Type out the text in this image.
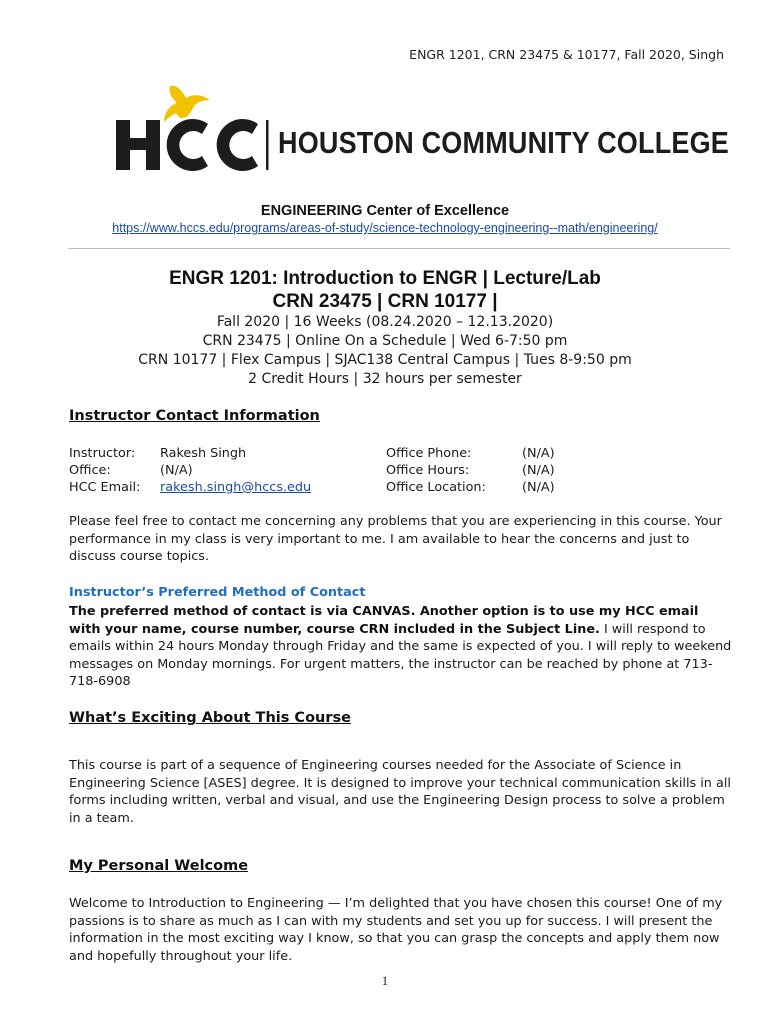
ENGR 1201, CRN 23475 & 10177, Fall 2020, Singh
HOUSTON COMMUNITY COLLEGE
ENGINEERING Center of Excellence
https://www.hccs.edu/programs/areas-of-study/science-technology-engineering--math/engineering/
ENGR 1201: Introduction to ENGR | Lecture/Lab
CRN 23475 | CRN 10177 |
Fall 2020 | 16 Weeks (08.24.2020 – 12.13.2020)
CRN 23475 | Online On a Schedule | Wed 6-7:50 pm
CRN 10177 | Flex Campus | SJAC138 Central Campus | Tues 8-9:50 pm
2 Credit Hours | 32 hours per semester
Instructor Contact Information
Instructor:
Office:
HCC Email:
Rakesh Singh
(N/A)
rakesh.singh@hccs.edu
Office Phone:
Office Hours:
Office Location:
(N/A)
(N/A)
(N/A)
Please feel free to contact me concerning any problems that you are experiencing in this course. Your performance in my class is very important to me. I am available to hear the concerns and just to discuss course topics.
Instructor’s Preferred Method of Contact
The preferred method of contact is via CANVAS. Another option is to use my HCC email with your name, course number, course CRN included in the Subject Line. I will respond to emails within 24 hours Monday through Friday and the same is expected of you. I will reply to weekend messages on Monday mornings. For urgent matters, the instructor can be reached by phone at 713-718-6908
What’s Exciting About This Course
This course is part of a sequence of Engineering courses needed for the Associate of Science in Engineering Science [ASES] degree. It is designed to improve your technical communication skills in all forms including written, verbal and visual, and use the Engineering Design process to solve a problem in a team.
My Personal Welcome
Welcome to Introduction to Engineering — I’m delighted that you have chosen this course! One of my passions is to share as much as I can with my students and set you up for success. I will present the information in the most exciting way I know, so that you can grasp the concepts and apply them now and hopefully throughout your life.
1
